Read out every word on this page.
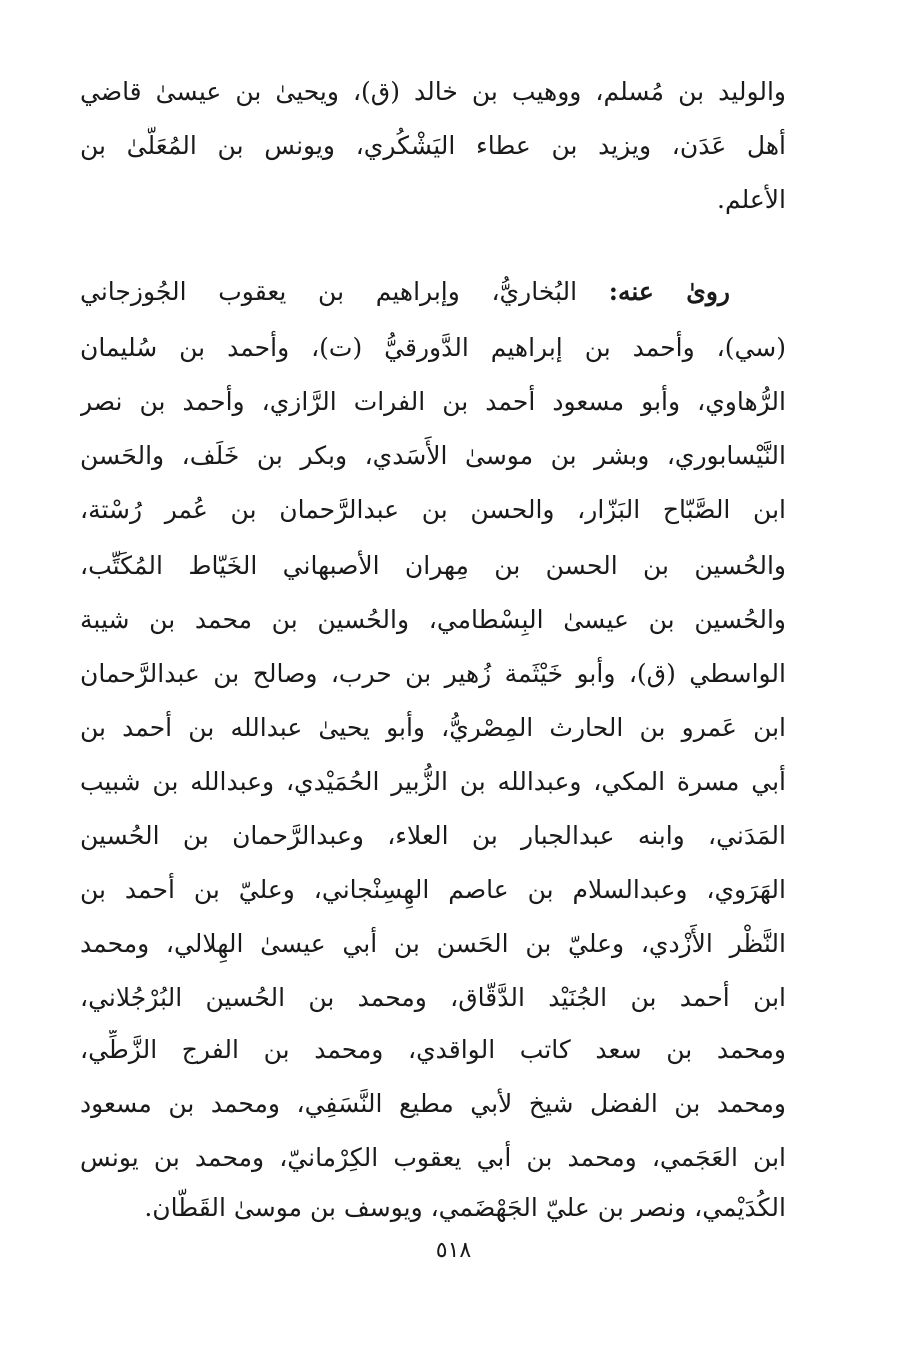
والوليد بن مُسلم، ووهيب بن خالد (ق)، ويحيىٰ بن عيسىٰ قاضي
أهل عَدَن، ويزيد بن عطاء اليَشْكُري، ويونس بن المُعَلَّىٰ بن
الأعلم.
روىٰ عنه: البُخاريُّ، وإبراهيم بن يعقوب الجُوزجاني
(سي)، وأحمد بن إبراهيم الدَّورقيُّ (ت)، وأحمد بن سُليمان
الرُّهاوي، وأبو مسعود أحمد بن الفرات الرَّازي، وأحمد بن نصر
النَّيْسابوري، وبشر بن موسىٰ الأَسَدي، وبكر بن خَلَف، والحَسن
ابن الصَّبّاح البَزّار، والحسن بن عبدالرَّحمان بن عُمر رُسْتة،
والحُسين بن الحسن بن مِهران الأصبهاني الخَيّاط المُكَتِّب،
والحُسين بن عيسىٰ البِسْطامي، والحُسين بن محمد بن شيبة
الواسطي (ق)، وأبو خَيْثَمة زُهير بن حرب، وصالح بن عبدالرَّحمان
ابن عَمرو بن الحارث المِصْريُّ، وأبو يحيىٰ عبدالله بن أحمد بن
أبي مسرة المكي، وعبدالله بن الزُّبير الحُمَيْدي، وعبدالله بن شبيب
المَدَني، وابنه عبدالجبار بن العلاء، وعبدالرَّحمان بن الحُسين
الهَرَوي، وعبدالسلام بن عاصم الهِسِنْجاني، وعليّ بن أحمد بن
النَّظْر الأَزْدي، وعليّ بن الحَسن بن أبي عيسىٰ الهِلالي، ومحمد
ابن أحمد بن الجُنَيْد الدَّقّاق، ومحمد بن الحُسين البُرْجُلاني،
ومحمد بن سعد كاتب الواقدي، ومحمد بن الفرج الزَّطِّي،
ومحمد بن الفضل شيخ لأبي مطيع النَّسَفِي، ومحمد بن مسعود
ابن العَجَمي، ومحمد بن أبي يعقوب الكِرْمانيّ، ومحمد بن يونس
الكُدَيْمي، ونصر بن عليّ الجَهْضَمي، ويوسف بن موسىٰ القَطّان.
٥١٨
